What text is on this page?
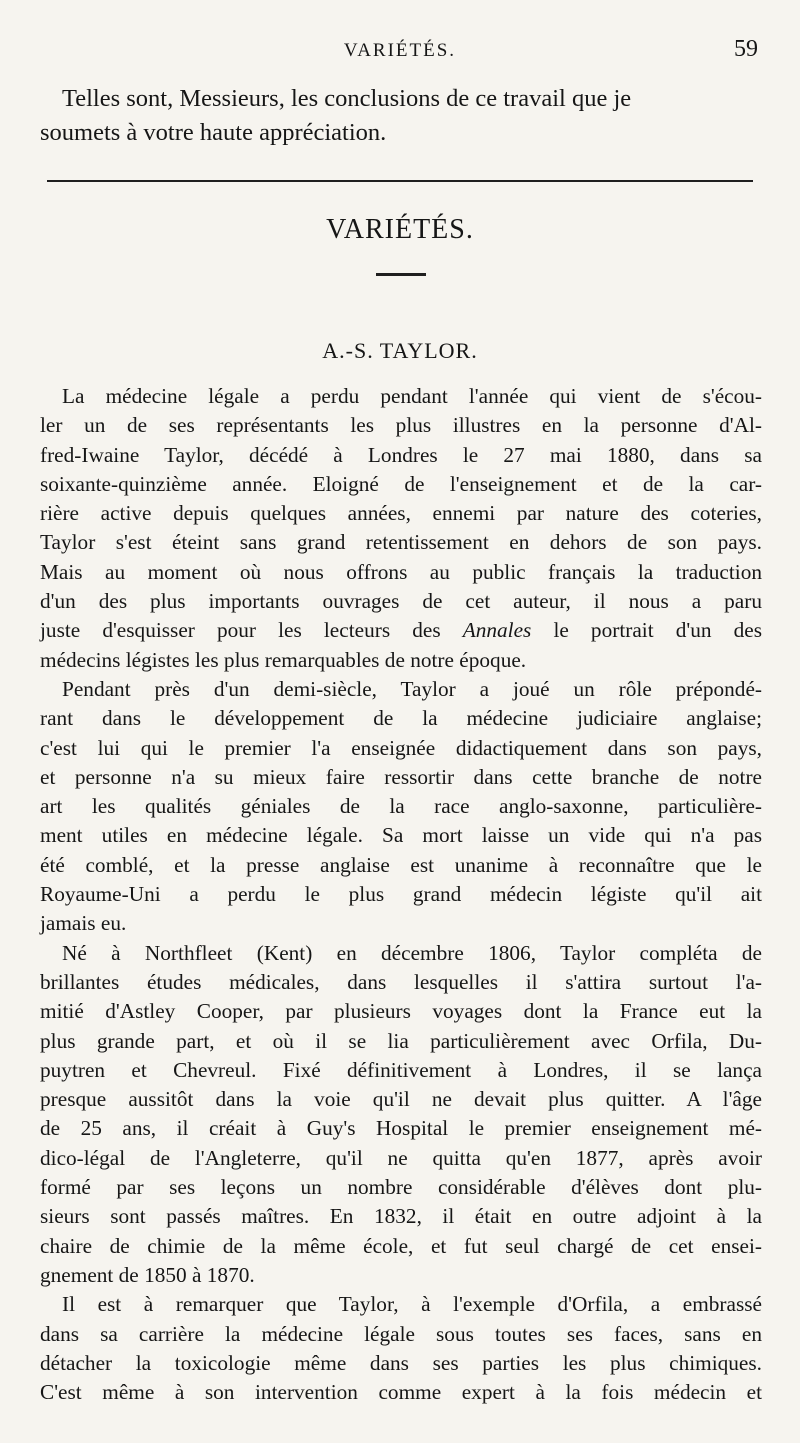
VARIÉTÉS.	59

Telles sont, Messieurs, les conclusions de ce travail que je
soumets à votre haute appréciation.

VARIÉTÉS.
A.-S. TAYLOR.
La médecine légale a perdu pendant l'année qui vient de s'écou-
ler un de ses représentants les plus illustres en la personne d'Al-
fred-Iwaine Taylor, décédé à Londres le 27 mai 1880, dans sa
soixante-quinzième année. Eloigné de l'enseignement et de la car-
rière active depuis quelques années, ennemi par nature des coteries,
Taylor s'est éteint sans grand retentissement en dehors de son pays.
Mais au moment où nous offrons au public français la traduction
d'un des plus importants ouvrages de cet auteur, il nous a paru
juste d'esquisser pour les lecteurs des Annales le portrait d'un des
médecins légistes les plus remarquables de notre époque.
Pendant près d'un demi-siècle, Taylor a joué un rôle prépondé-
rant dans le développement de la médecine judiciaire anglaise;
c'est lui qui le premier l'a enseignée didactiquement dans son pays,
et personne n'a su mieux faire ressortir dans cette branche de notre
art les qualités géniales de la race anglo-saxonne, particulière-
ment utiles en médecine légale. Sa mort laisse un vide qui n'a pas
été comblé, et la presse anglaise est unanime à reconnaître que le
Royaume-Uni a perdu le plus grand médecin légiste qu'il ait
jamais eu.
Né à Northfleet (Kent) en décembre 1806, Taylor compléta de
brillantes études médicales, dans lesquelles il s'attira surtout l'a-
mitié d'Astley Cooper, par plusieurs voyages dont la France eut la
plus grande part, et où il se lia particulièrement avec Orfila, Du-
puytren et Chevreul. Fixé définitivement à Londres, il se lança
presque aussitôt dans la voie qu'il ne devait plus quitter. A l'âge
de 25 ans, il créait à Guy's Hospital le premier enseignement mé-
dico-légal de l'Angleterre, qu'il ne quitta qu'en 1877, après avoir
formé par ses leçons un nombre considérable d'élèves dont plu-
sieurs sont passés maîtres. En 1832, il était en outre adjoint à la
chaire de chimie de la même école, et fut seul chargé de cet ensei-
gnement de 1850 à 1870.
Il est à remarquer que Taylor, à l'exemple d'Orfila, a embrassé
dans sa carrière la médecine légale sous toutes ses faces, sans en
détacher la toxicologie même dans ses parties les plus chimiques.
C'est même à son intervention comme expert à la fois médecin et
